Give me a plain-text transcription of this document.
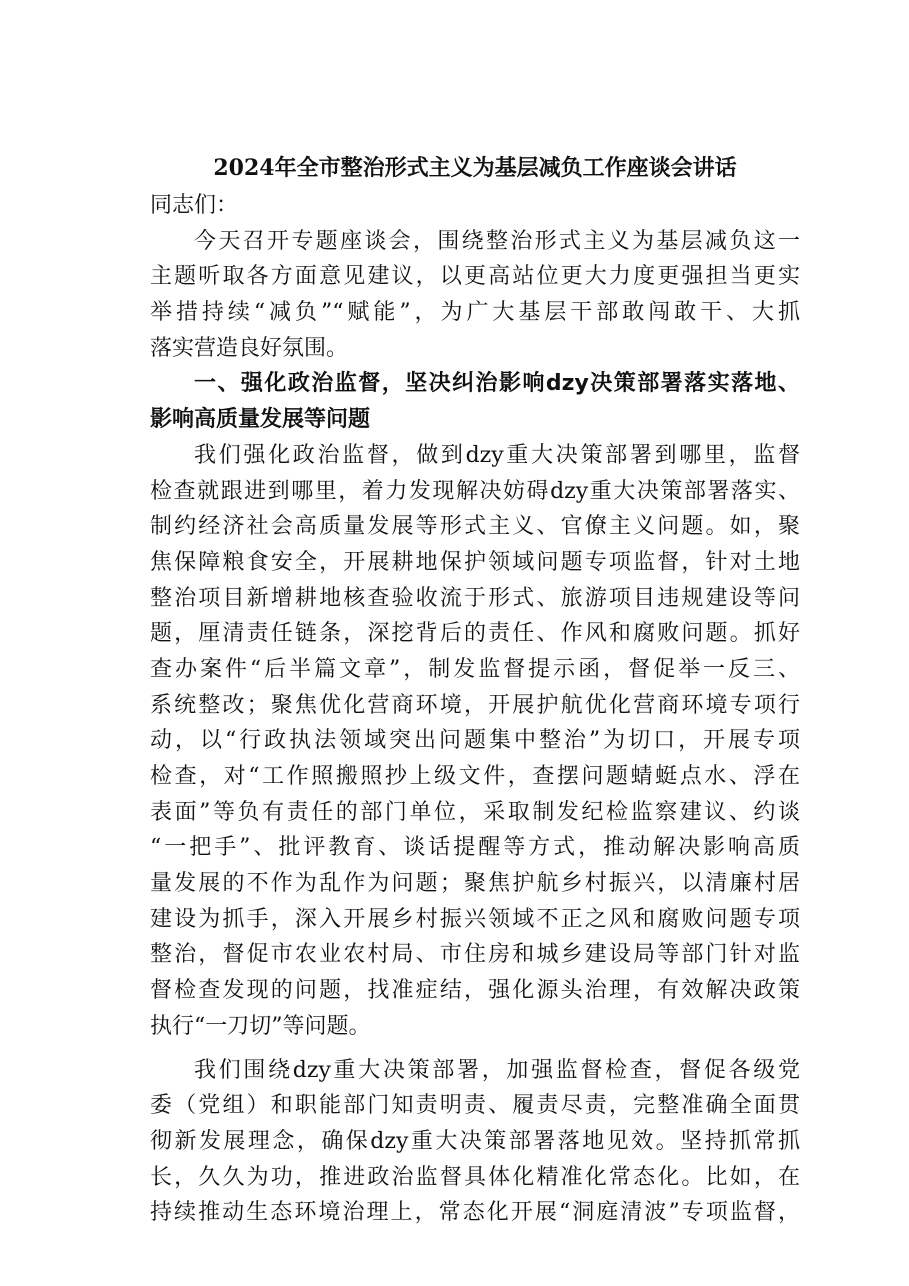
2024年全市整治形式主义为基层减负工作座谈会讲话
同志们：
今天召开专题座谈会，围绕整治形式主义为基层减负这一
主题听取各方面意见建议，以更高站位更大力度更强担当更实
举措持续“减负”“赋能”，为广大基层干部敢闯敢干、大抓
落实营造良好氛围。
一、强化政治监督，坚决纠治影响dzy决策部署落实落地、
影响高质量发展等问题
我们强化政治监督，做到dzy重大决策部署到哪里，监督
检查就跟进到哪里，着力发现解决妨碍dzy重大决策部署落实、
制约经济社会高质量发展等形式主义、官僚主义问题。如，聚
焦保障粮食安全，开展耕地保护领域问题专项监督，针对土地
整治项目新增耕地核查验收流于形式、旅游项目违规建设等问
题，厘清责任链条，深挖背后的责任、作风和腐败问题。抓好
查办案件“后半篇文章”，制发监督提示函，督促举一反三、
系统整改；聚焦优化营商环境，开展护航优化营商环境专项行
动，以“行政执法领域突出问题集中整治”为切口，开展专项
检查，对“工作照搬照抄上级文件，查摆问题蜻蜓点水、浮在
表面”等负有责任的部门单位，采取制发纪检监察建议、约谈
“一把手”、批评教育、谈话提醒等方式，推动解决影响高质
量发展的不作为乱作为问题；聚焦护航乡村振兴，以清廉村居
建设为抓手，深入开展乡村振兴领域不正之风和腐败问题专项
整治，督促市农业农村局、市住房和城乡建设局等部门针对监
督检查发现的问题，找准症结，强化源头治理，有效解决政策
执行“一刀切”等问题。
我们围绕dzy重大决策部署，加强监督检查，督促各级党
委（党组）和职能部门知责明责、履责尽责，完整准确全面贯
彻新发展理念，确保dzy重大决策部署落地见效。坚持抓常抓
长，久久为功，推进政治监督具体化精准化常态化。比如，在
持续推动生态环境治理上，常态化开展“洞庭清波”专项监督，
